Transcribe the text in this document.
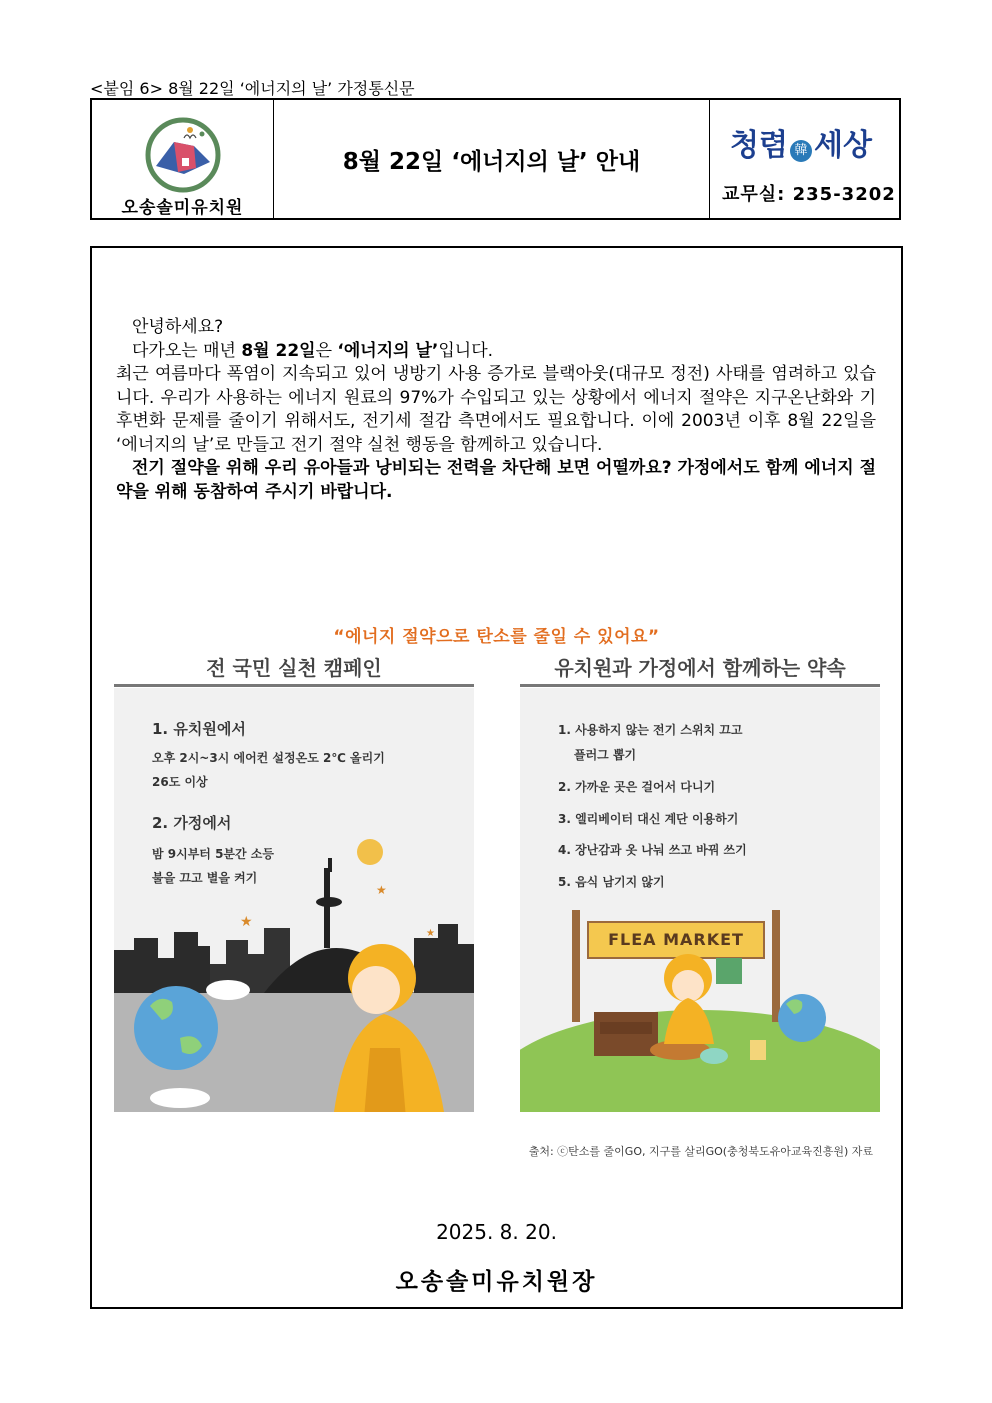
<붙임 6> 8월 22일 ‘에너지의 날’ 가정통신문
오송솔미유치원
8월 22일 ‘에너지의 날’ 안내	청렴 韓 세상
교무실: 235-3202

안녕하세요?

다가오는 매년 8월 22일은 ‘에너지의 날’입니다.

최근 여름마다 폭염이 지속되고 있어 냉방기 사용 증가로 블랙아웃(대규모 정전) 사태를 염려하고 있습니다. 우리가 사용하는 에너지 원료의 97%가 수입되고 있는 상황에서 에너지 절약은 지구온난화와 기후변화 문제를 줄이기 위해서도, 전기세 절감 측면에서도 필요합니다. 이에 2003년 이후 8월 22일을 ‘에너지의 날’로 만들고 전기 절약 실천 행동을 함께하고 있습니다.

전기 절약을 위해 우리 유아들과 낭비되는 전력을 차단해 보면 어떨까요? 가정에서도 함께 에너지 절약을 위해 동참하여 주시기 바랍니다.

“에너지 절약으로 탄소를 줄일 수 있어요”
전 국민 실천 캠페인
1. 유치원에서
오후 2시~3시 에어컨 설정온도 2℃ 올리기
26도 이상
2. 가정에서
밤 9시부터 5분간 소등
불을 끄고 별을 켜기
★
★
★
유치원과 가정에서 함께하는 약속
1. 사용하지 않는 전기 스위치 끄고
플러그 뽑기
2. 가까운 곳은 걸어서 다니기
3. 엘리베이터 대신 계단 이용하기
4. 장난감과 옷 나눠 쓰고 바꿔 쓰기
5. 음식 남기지 않기
FLEA MARKET
출처: ⓒ탄소를 줄이GO, 지구를 살리GO(충청북도유아교육진흥원) 자료
2025. 8. 20.
오송솔미유치원장
